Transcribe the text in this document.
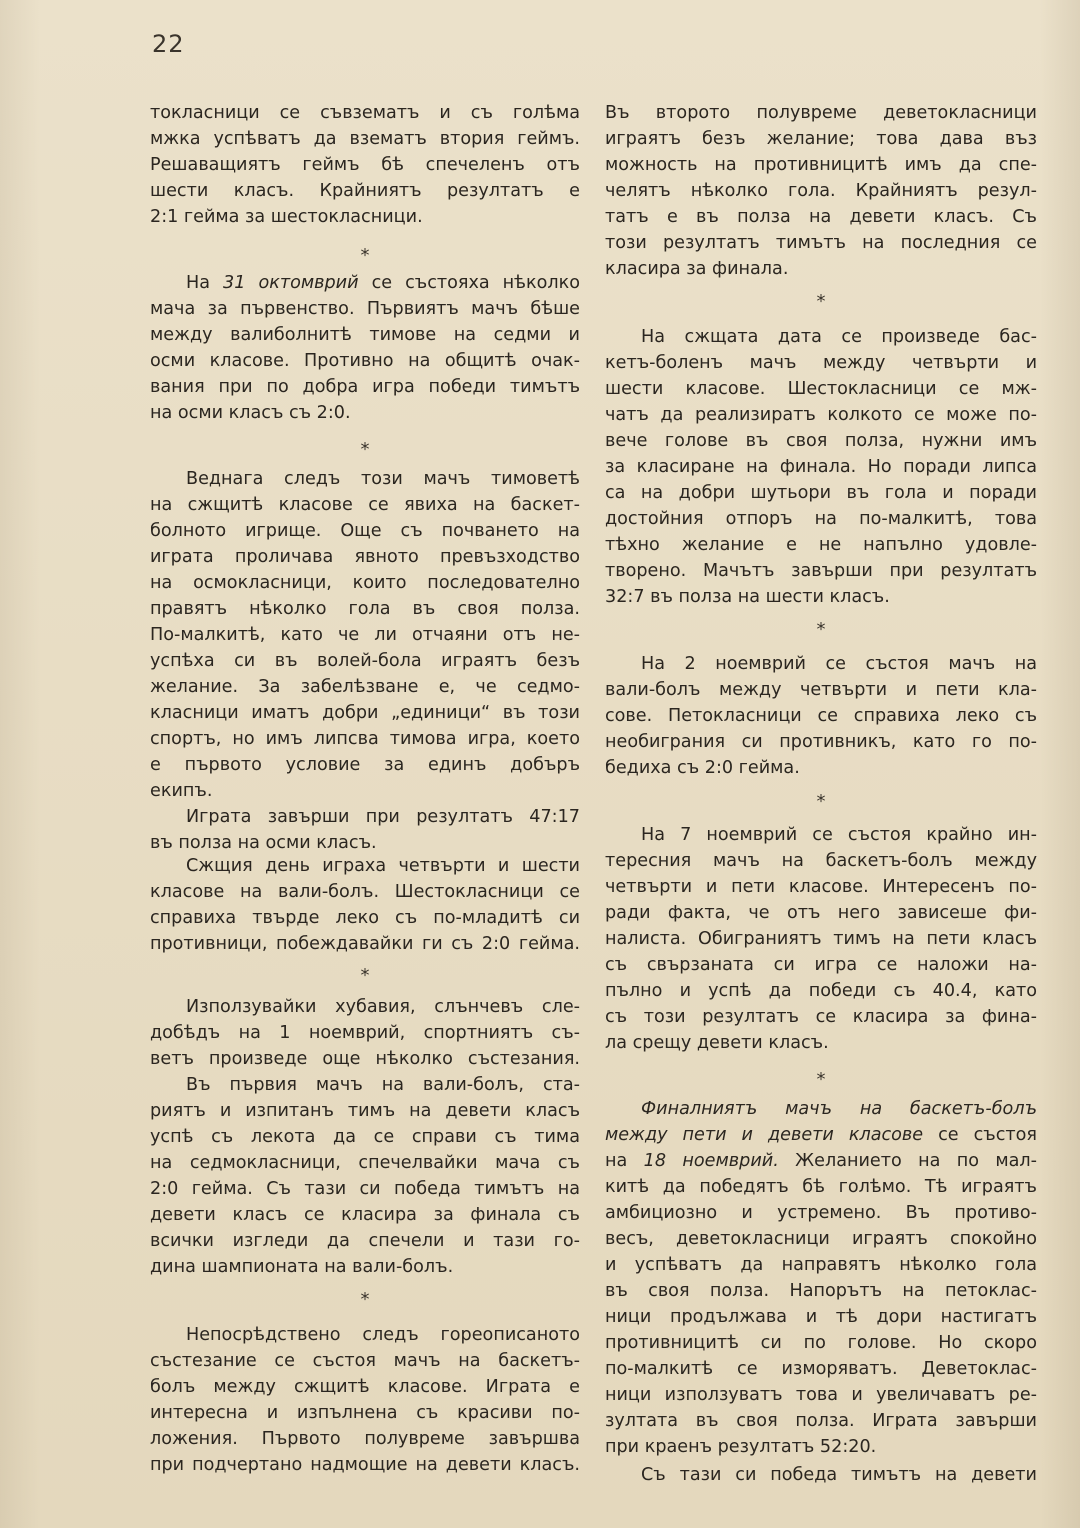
22
токласници се съвзематъ и съ голѣма
мжка успѣватъ да взематъ втория геймъ.
Решаващиятъ геймъ бѣ спечеленъ отъ
шести класъ. Крайниятъ резултатъ е
2:1 гейма за шестокласници.
*
На 31 октомврий се състояха нѣколко
мача за първенство. Първиятъ мачъ бѣше
между валиболнитѣ тимове на седми и
осми класове. Противно на общитѣ очак-
вания при по добра игра победи тимътъ
на осми класъ съ 2:0.
*
Веднага следъ този мачъ тимоветѣ
на сжщитѣ класове се явиха на баскет-
болното игрище. Още съ почването на
играта проличава явното превъзходство
на осмокласници, които последователно
правятъ нѣколко гола въ своя полза.
По-малкитѣ, като че ли отчаяни отъ не-
успѣха си въ волей-бола играятъ безъ
желание. За забелѣзване е, че седмо-
класници иматъ добри „единици“ въ този
спортъ, но имъ липсва тимова игра, което
е първото условие за единъ добъръ
екипъ.
Играта завърши при резултатъ 47:17
въ полза на осми класъ.
Сжщия день играха четвърти и шести
класове на вали-болъ. Шестокласници се
справиха твърде леко съ по-младитѣ си
противници, побеждавайки ги съ 2:0 гейма.
*
Използувайки хубавия, слънчевъ сле-
добѣдъ на 1 ноемврий, спортниятъ съ-
ветъ произведе още нѣколко състезания.
Въ първия мачъ на вали-болъ, ста-
риятъ и изпитанъ тимъ на девети класъ
успѣ съ лекота да се справи съ тима
на седмокласници, спечелвайки мача съ
2:0 гейма. Съ тази си победа тимътъ на
девети класъ се класира за финала съ
всички изгледи да спечели и тази го-
дина шампионата на вали-болъ.
*
Непосрѣдствено следъ гореописаното
състезание се състоя мачъ на баскетъ-
болъ между сжщитѣ класове. Играта е
интересна и изпълнена съ красиви по-
ложения. Първото полувреме завършва
при подчертано надмощие на девети класъ.
Въ второто полувреме деветокласници
играятъ безъ желание; това дава въз
можность на противницитѣ имъ да спе-
челятъ нѣколко гола. Крайниятъ резул-
татъ е въ полза на девети класъ. Съ
този резултатъ тимътъ на последния се
класира за финала.
*
На сжщата дата се произведе бас-
кетъ-боленъ мачъ между четвърти и
шести класове. Шестокласници се мж-
чатъ да реализиратъ колкото се може по-
вече голове въ своя полза, нужни имъ
за класиране на финала. Но поради липса
са на добри шутьори въ гола и поради
достойния отпоръ на по-малкитѣ, това
тѣхно желание е не напълно удовле-
творено. Мачътъ завърши при резултатъ
32:7 въ полза на шести класъ.
*
На 2 ноемврий се състоя мачъ на
вали-болъ между четвърти и пети кла-
сове. Петокласници се справиха леко съ
необиграния си противникъ, като го по-
бедиха съ 2:0 гейма.
*
На 7 ноемврий се състоя крайно ин-
тересния мачъ на баскетъ-болъ между
четвърти и пети класове. Интересенъ по-
ради факта, че отъ него зависеше фи-
налиста. Обиграниятъ тимъ на пети класъ
съ свързаната си игра се наложи на-
пълно и успѣ да победи съ 40.4, като
съ този резултатъ се класира за фина-
ла срещу девети класъ.
*
Финалниятъ мачъ на баскетъ-болъ
между пети и девети класове се състоя
на 18 ноемврий. Желанието на по мал-
китѣ да победятъ бѣ голѣмо. Тѣ играятъ
амбициозно и устремено. Въ противо-
весъ, деветокласници играятъ спокойно
и успѣватъ да направятъ нѣколко гола
въ своя полза. Напорътъ на петоклас-
ници продължава и тѣ дори настигатъ
противницитѣ си по голове. Но скоро
по-малкитѣ се изморяватъ. Деветоклас-
ници използуватъ това и увеличаватъ ре-
зултата въ своя полза. Играта завърши
при краенъ резултатъ 52:20.
Съ тази си победа тимътъ на девети
